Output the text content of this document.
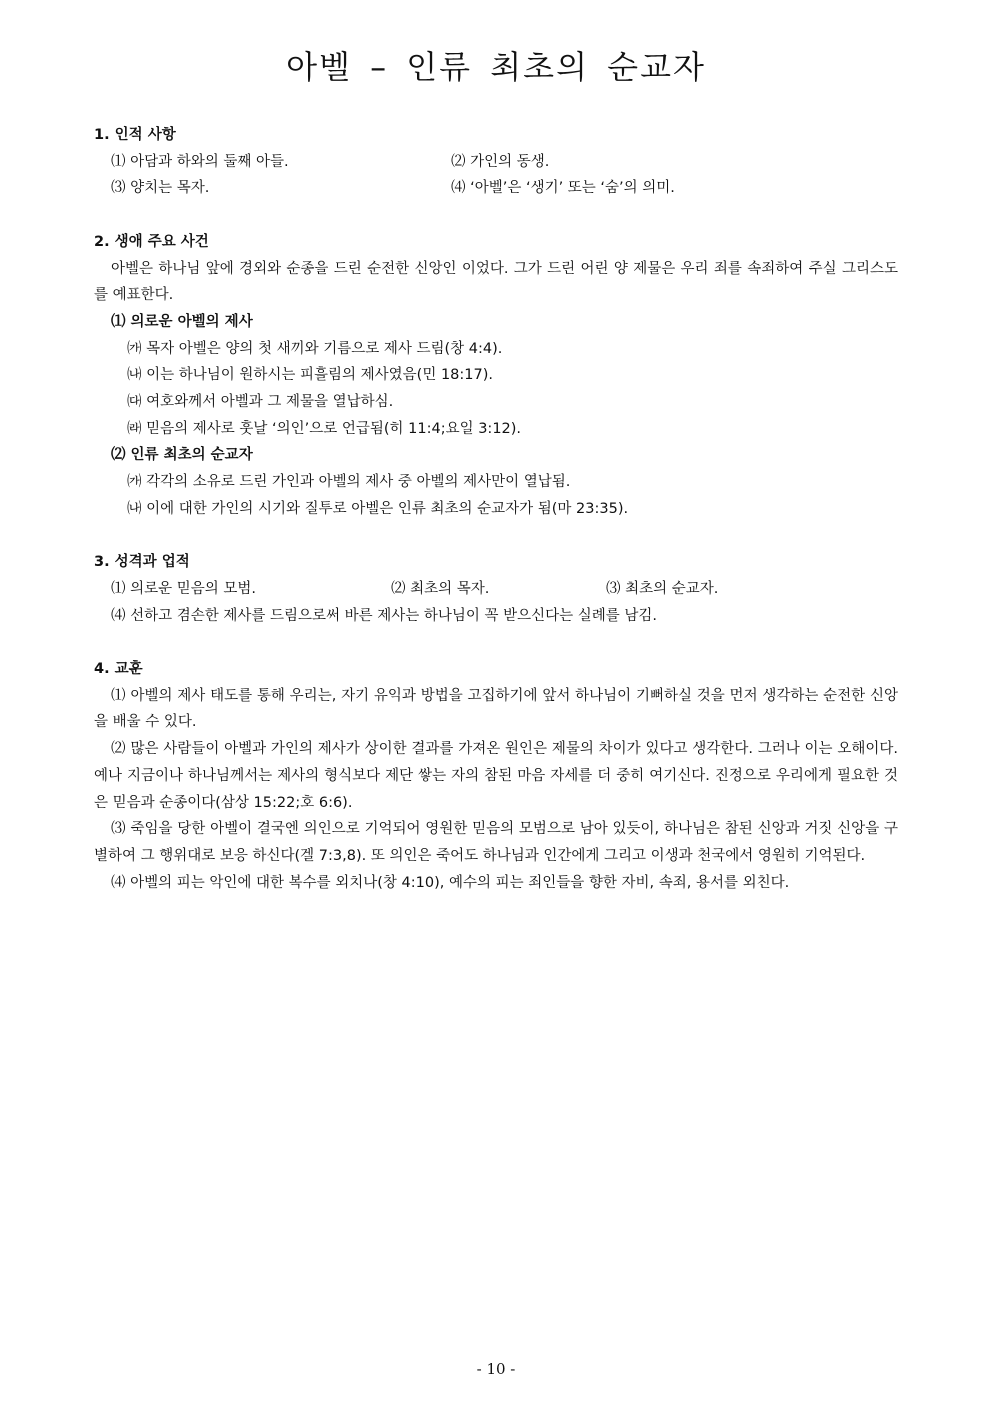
아벨 – 인류 최초의 순교자
1. 인적 사항
⑴ 아담과 하와의 둘째 아들.	⑵ 가인의 동생.
⑶ 양치는 목자.	⑷ ‘아벨’은 ‘생기’ 또는 ‘숨’의 의미.
2. 생애 주요 사건

아벨은 하나님 앞에 경외와 순종을 드린 순전한 신앙인 이었다. 그가 드린 어린 양 제물은 우리 죄를 속죄하여 주실 그리스도를 예표한다.

⑴ 의로운 아벨의 제사
㈎ 목자 아벨은 양의 첫 새끼와 기름으로 제사 드림(창 4:4).
㈏ 이는 하나님이 원하시는 피흘림의 제사였음(민 18:17).
㈐ 여호와께서 아벨과 그 제물을 열납하심.
㈑ 믿음의 제사로 훗날 ‘의인’으로 언급됨(히 11:4;요일 3:12).
⑵ 인류 최초의 순교자
㈎ 각각의 소유로 드린 가인과 아벨의 제사 중 아벨의 제사만이 열납됨.
㈏ 이에 대한 가인의 시기와 질투로 아벨은 인류 최초의 순교자가 됨(마 23:35).
3. 성격과 업적
⑴ 의로운 믿음의 모범.	⑵ 최초의 목자.	⑶ 최초의 순교자.
⑷ 선하고 겸손한 제사를 드림으로써 바른 제사는 하나님이 꼭 받으신다는 실례를 남김.
4. 교훈

⑴ 아벨의 제사 태도를 통해 우리는, 자기 유익과 방법을 고집하기에 앞서 하나님이 기뻐하실 것을 먼저 생각하는 순전한 신앙을 배울 수 있다.

⑵ 많은 사람들이 아벨과 가인의 제사가 상이한 결과를 가져온 원인은 제물의 차이가 있다고 생각한다. 그러나 이는 오해이다. 예나 지금이나 하나님께서는 제사의 형식보다 제단 쌓는 자의 참된 마음 자세를 더 중히 여기신다. 진정으로 우리에게 필요한 것은 믿음과 순종이다(삼상 15:22;호 6:6).

⑶ 죽임을 당한 아벨이 결국엔 의인으로 기억되어 영원한 믿음의 모범으로 남아 있듯이, 하나님은 참된 신앙과 거짓 신앙을 구별하여 그 행위대로 보응 하신다(겔 7:3,8). 또 의인은 죽어도 하나님과 인간에게 그리고 이생과 천국에서 영원히 기억된다.

⑷ 아벨의 피는 악인에 대한 복수를 외치나(창 4:10), 예수의 피는 죄인들을 향한 자비, 속죄, 용서를 외친다.

- 10 -
